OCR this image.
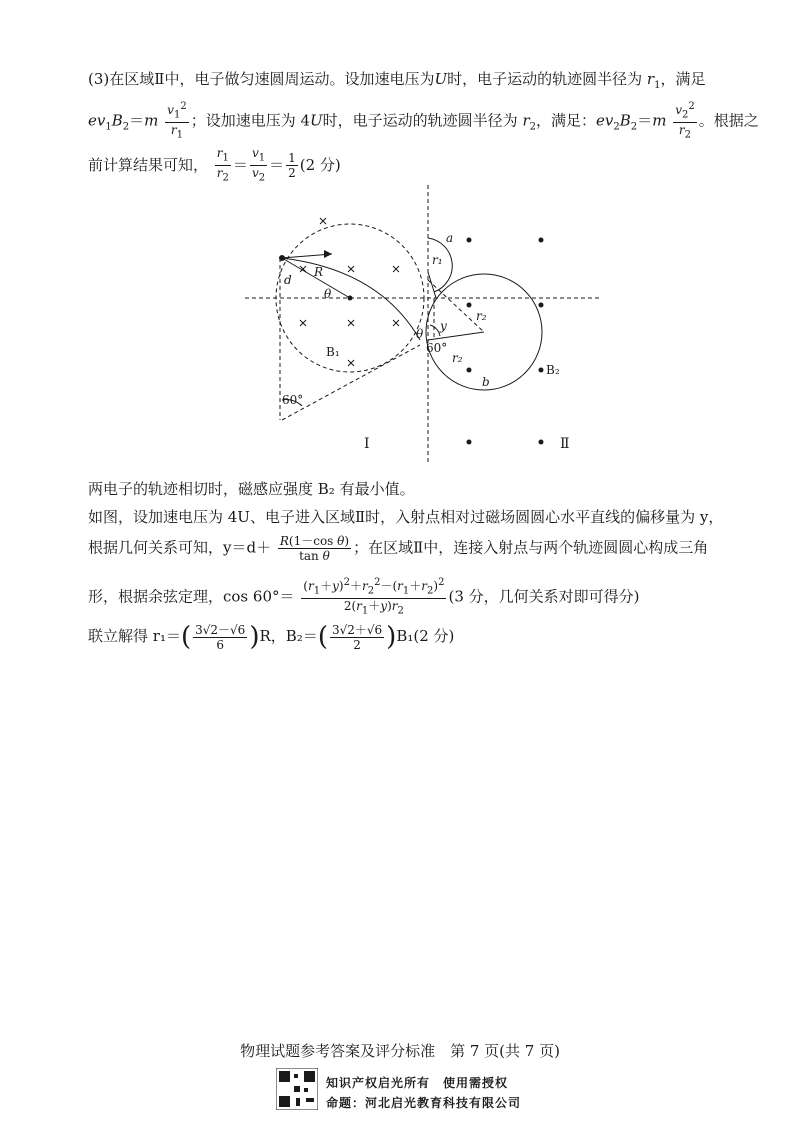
(3)在区域Ⅱ中，电子做匀速圆周运动。设加速电压为U时，电子运动的轨迹圆半径为 $r_1$，满足
$ev_1B_2=m \frac{v_1^2}{r_1}$ ；设加速电压为 4U时，电子运动的轨迹圆半径为 $r_2$，满足：$ev_2B_2=m \frac{v_2^2}{r_2}$ 。根据之
前计算结果可知， $\frac{r_1}{r_2} = \frac{v_1}{v_2} = \frac{1}{2} (2$ 分)
a
r₁
r₂
r₂
R
θ
θ
d
y
b
B₁
B₂
60°
60°
Ⅰ	Ⅱ
两电子的轨迹相切时，磁感应强度 B₂ 有最小值。
如图，设加速电压为 4U、电子进入区域Ⅱ时，入射点相对过磁场圆圆心水平直线的偏移量为 y，
根据几何关系可知，$y=d+ \frac{\text{R(1－cos θ)}}{\text{tan θ}}$ ；在区域Ⅱ中，连接入射点与两个轨迹圆圆心构成三角
形，根据余弦定理，$\cos 60^\circ= \frac{(r_1+y)^2+r_2^2-(r_1+r_2)^2}{2(r_1+y)r_2} (3$ 分，几何关系对即可得分)
联立解得 $r_1=( \frac{3√2-√6}{6} )R$，$B_2=( \frac{3√2+√6}{2} )B_1(2$ 分)
物理试题参考答案及评分标准　第 7 页(共 7 页)
知识产权启光所有　使用需授权
命题：河北启光教育科技有限公司
